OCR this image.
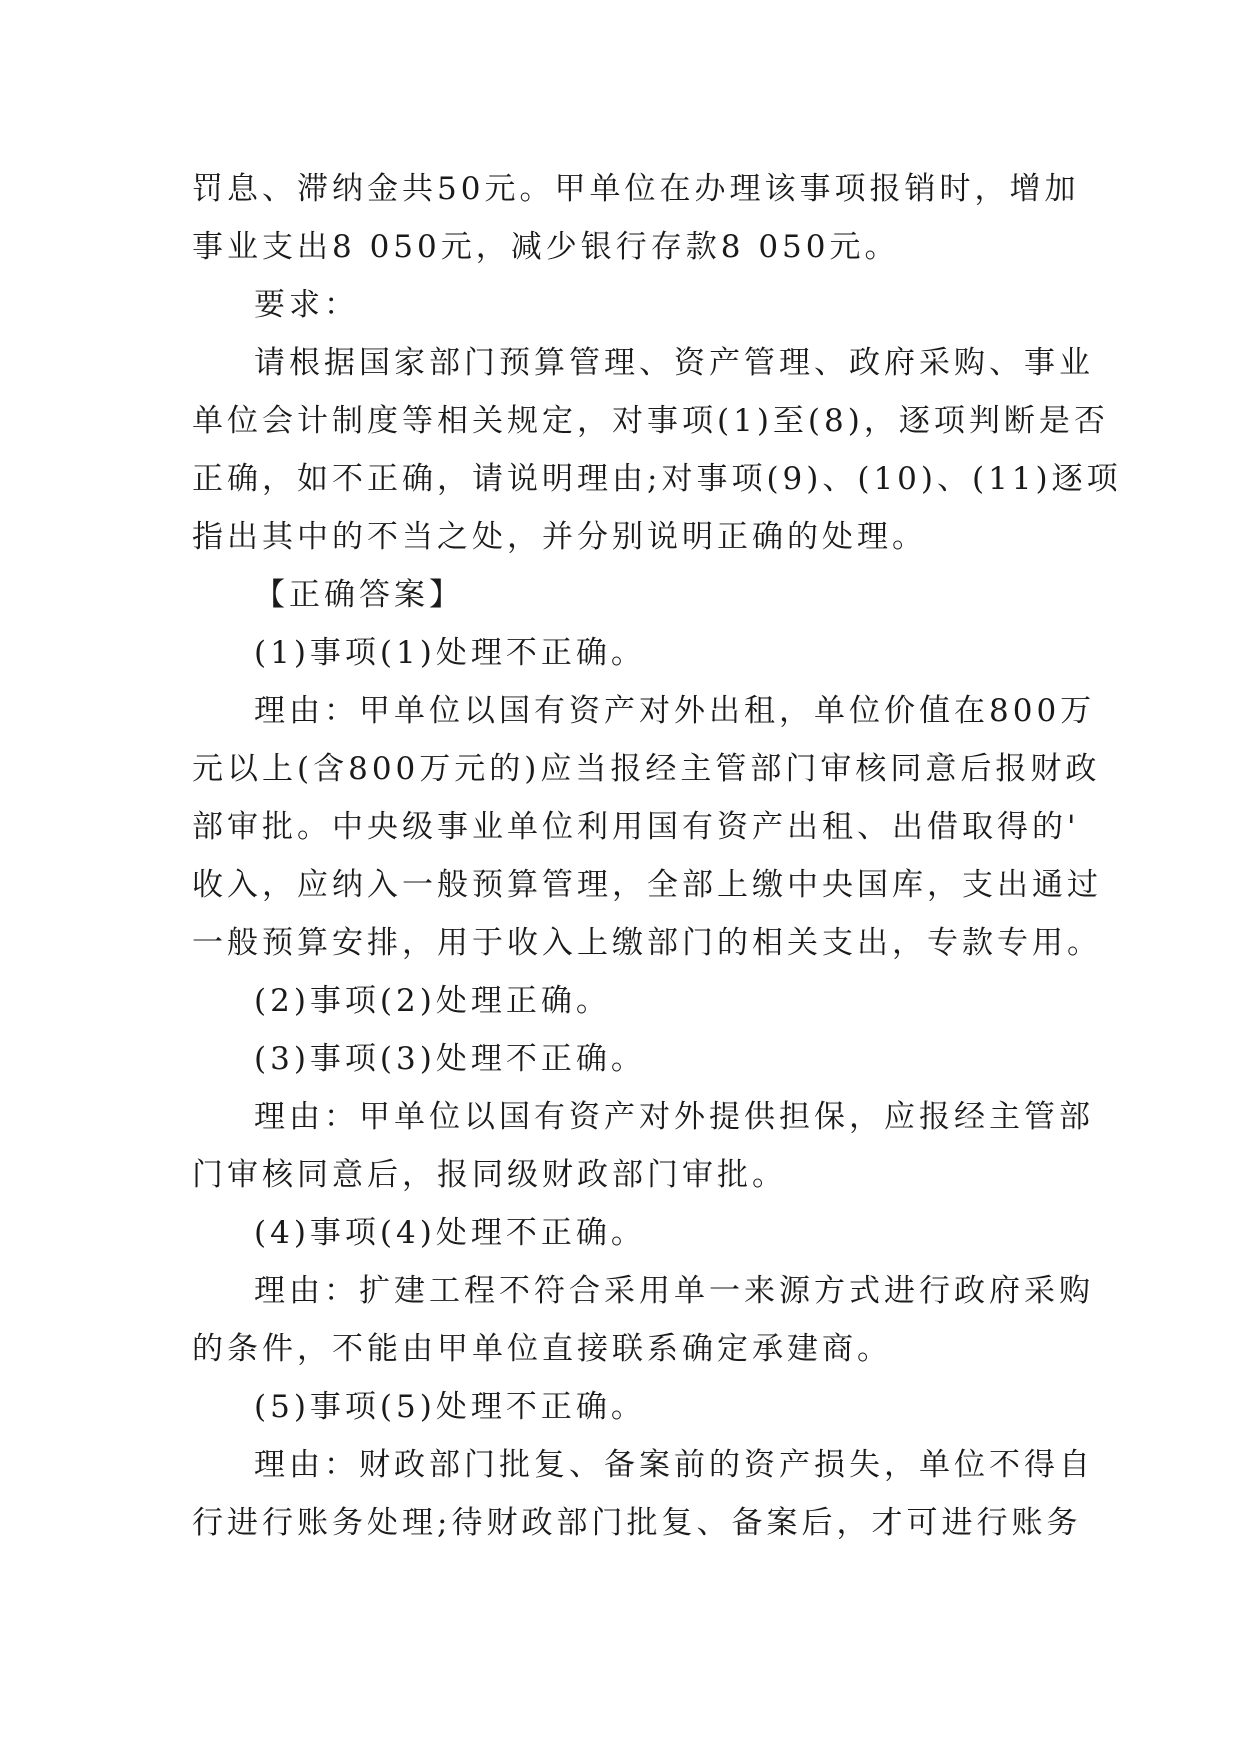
罚息、滞纳金共50元。甲单位在办理该事项报销时，增加
事业支出8 050元，减少银行存款8 050元。
要求：
请根据国家部门预算管理、资产管理、政府采购、事业
单位会计制度等相关规定，对事项(1)至(8)，逐项判断是否
正确，如不正确，请说明理由;对事项(9)、(10)、(11)逐项
指出其中的不当之处，并分别说明正确的处理。
【正确答案】
(1)事项(1)处理不正确。
理由：甲单位以国有资产对外出租，单位价值在800万
元以上(含800万元的)应当报经主管部门审核同意后报财政
部审批。中央级事业单位利用国有资产出租、出借取得的'
收入，应纳入一般预算管理，全部上缴中央国库，支出通过
一般预算安排，用于收入上缴部门的相关支出，专款专用。
(2)事项(2)处理正确。
(3)事项(3)处理不正确。
理由：甲单位以国有资产对外提供担保，应报经主管部
门审核同意后，报同级财政部门审批。
(4)事项(4)处理不正确。
理由：扩建工程不符合采用单一来源方式进行政府采购
的条件，不能由甲单位直接联系确定承建商。
(5)事项(5)处理不正确。
理由：财政部门批复、备案前的资产损失，单位不得自
行进行账务处理;待财政部门批复、备案后，才可进行账务
